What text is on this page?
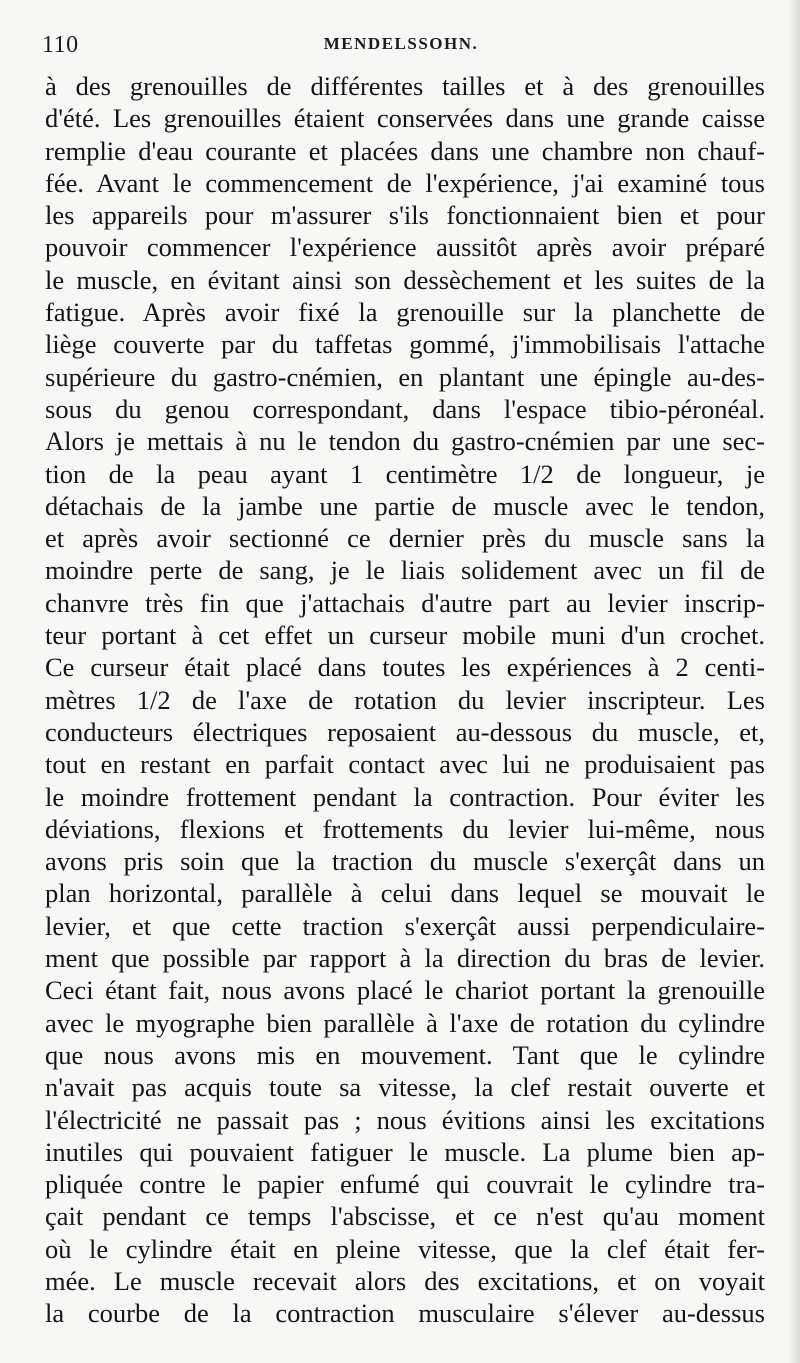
110	MENDELSSOHN.
à des grenouilles de différentes tailles et à des grenouilles
d'été. Les grenouilles étaient conservées dans une grande caisse
remplie d'eau courante et placées dans une chambre non chauf-
fée. Avant le commencement de l'expérience, j'ai examiné tous
les appareils pour m'assurer s'ils fonctionnaient bien et pour
pouvoir commencer l'expérience aussitôt après avoir préparé
le muscle, en évitant ainsi son dessèchement et les suites de la
fatigue. Après avoir fixé la grenouille sur la planchette de
liège couverte par du taffetas gommé, j'immobilisais l'attache
supérieure du gastro-cnémien, en plantant une épingle au-des-
sous du genou correspondant, dans l'espace tibio-péronéal.
Alors je mettais à nu le tendon du gastro-cnémien par une sec-
tion de la peau ayant 1 centimètre 1/2 de longueur, je
détachais de la jambe une partie de muscle avec le tendon,
et après avoir sectionné ce dernier près du muscle sans la
moindre perte de sang, je le liais solidement avec un fil de
chanvre très fin que j'attachais d'autre part au levier inscrip-
teur portant à cet effet un curseur mobile muni d'un crochet.
Ce curseur était placé dans toutes les expériences à 2 centi-
mètres 1/2 de l'axe de rotation du levier inscripteur. Les
conducteurs électriques reposaient au-dessous du muscle, et,
tout en restant en parfait contact avec lui ne produisaient pas
le moindre frottement pendant la contraction. Pour éviter les
déviations, flexions et frottements du levier lui-même, nous
avons pris soin que la traction du muscle s'exerçât dans un
plan horizontal, parallèle à celui dans lequel se mouvait le
levier, et que cette traction s'exerçât aussi perpendiculaire-
ment que possible par rapport à la direction du bras de levier.
Ceci étant fait, nous avons placé le chariot portant la grenouille
avec le myographe bien parallèle à l'axe de rotation du cylindre
que nous avons mis en mouvement. Tant que le cylindre
n'avait pas acquis toute sa vitesse, la clef restait ouverte et
l'électricité ne passait pas ; nous évitions ainsi les excitations
inutiles qui pouvaient fatiguer le muscle. La plume bien ap-
pliquée contre le papier enfumé qui couvrait le cylindre tra-
çait pendant ce temps l'abscisse, et ce n'est qu'au moment
où le cylindre était en pleine vitesse, que la clef était fer-
mée. Le muscle recevait alors des excitations, et on voyait
la courbe de la contraction musculaire s'élever au-dessus
